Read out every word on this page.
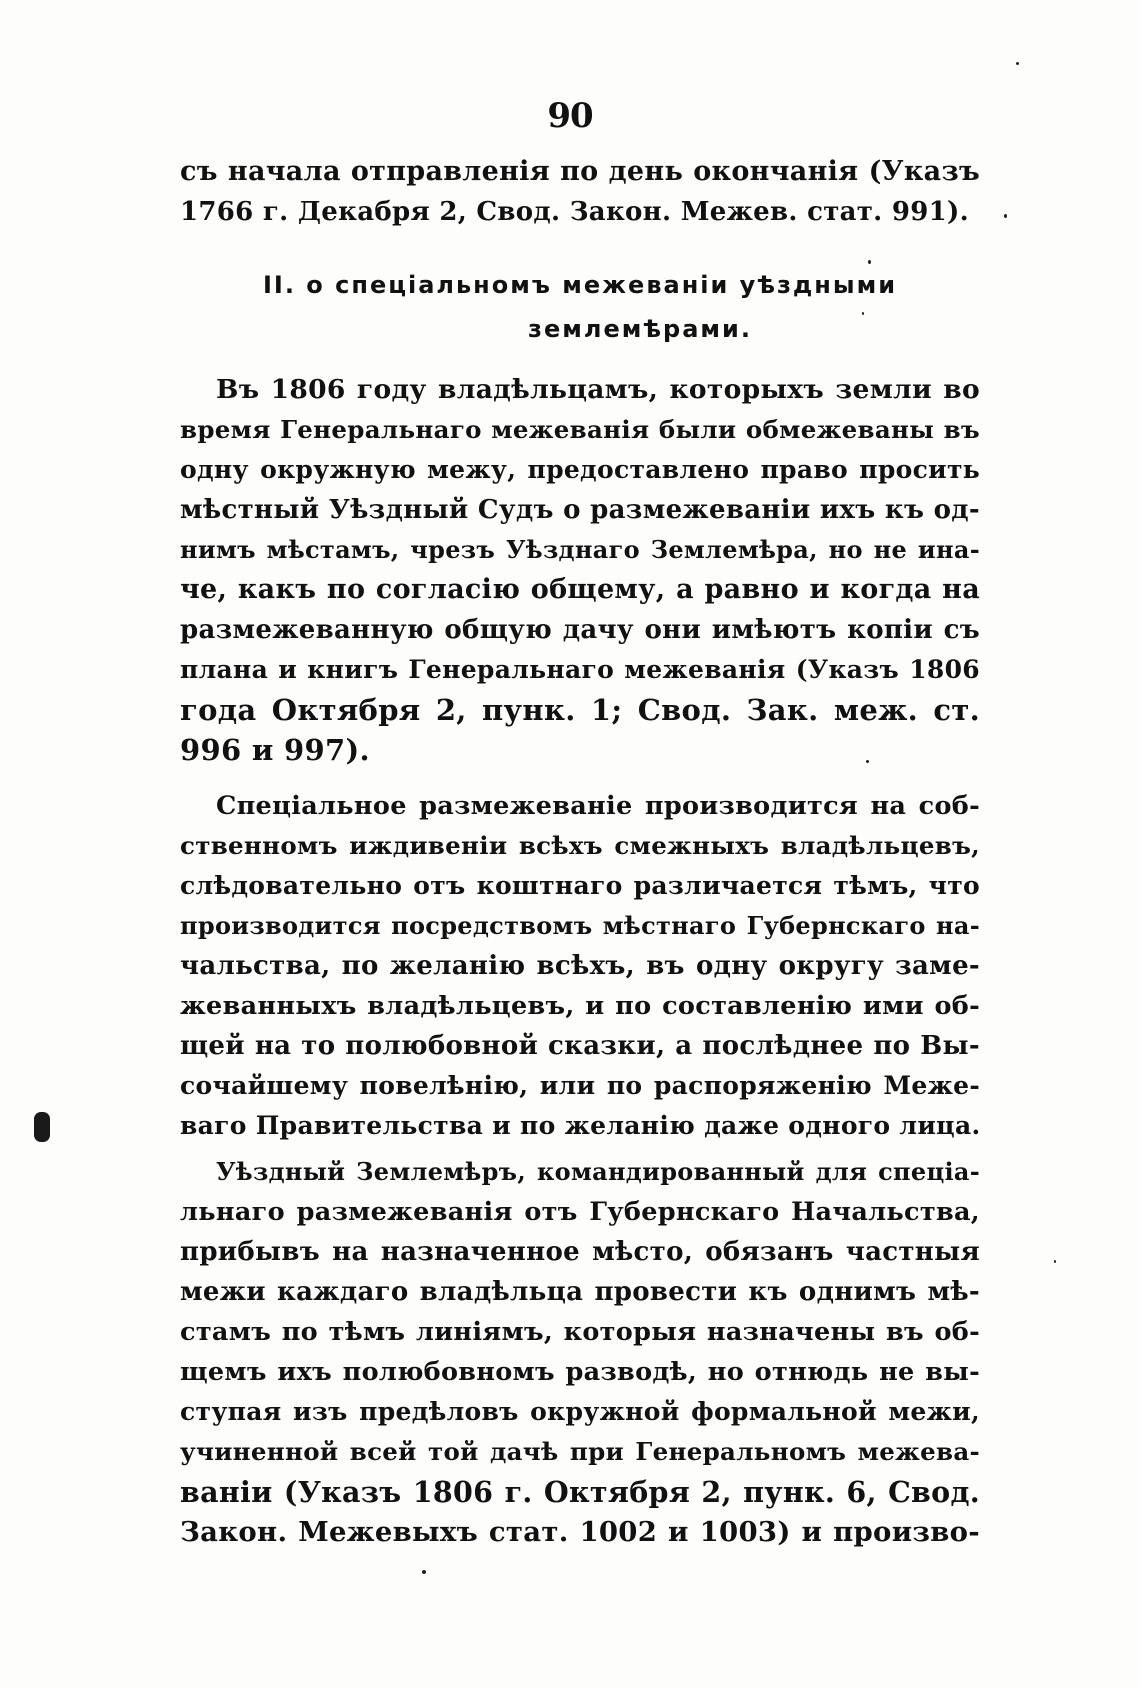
90
съ начала отправленія по день окончанія (Указъ
1766 г. Декабря 2, Свод. Закон. Межев. стат. 991).
II. о спеціальномъ межеваніи уѣздными
землемѣрами.
Въ 1806 году владѣльцамъ, которыхъ земли во
время Генеральнаго межеванія были обмежеваны въ
одну окружную межу, предоставлено право просить
мѣстный Уѣздный Судъ о размежеваніи ихъ къ од-
нимъ мѣстамъ, чрезъ Уѣзднаго Землемѣра, но не ина-
че, какъ по согласію общему, а равно и когда на
размежеванную общую дачу они имѣютъ копіи съ
плана и книгъ Генеральнаго межеванія (Указъ 1806
года Октября 2, пунк. 1; Свод. Зак. меж. ст.
996 и 997).
Спеціальное размежеваніе производится на соб-
ственномъ иждивеніи всѣхъ смежныхъ владѣльцевъ,
слѣдовательно отъ коштнаго различается тѣмъ, что
производится посредствомъ мѣстнаго Губернскаго на-
чальства, по желанію всѣхъ, въ одну округу заме-
жеванныхъ владѣльцевъ, и по составленію ими об-
щей на то полюбовной сказки, а послѣднее по Вы-
сочайшему повелѣнію, или по распоряженію Меже-
ваго Правительства и по желанію даже одного лица.
Уѣздный Землемѣръ, командированный для спеціа-
льнаго размежеванія отъ Губернскаго Начальства,
прибывъ на назначенное мѣсто, обязанъ частныя
межи каждаго владѣльца провести къ однимъ мѣ-
стамъ по тѣмъ линіямъ, которыя назначены въ об-
щемъ ихъ полюбовномъ разводѣ, но отнюдь не вы-
ступая изъ предѣловъ окружной формальной межи,
учиненной всей той дачѣ при Генеральномъ межева-
ваніи (Указъ 1806 г. Октября 2, пунк. 6, Свод.
Закон. Межевыхъ стат. 1002 и 1003) и произво-
